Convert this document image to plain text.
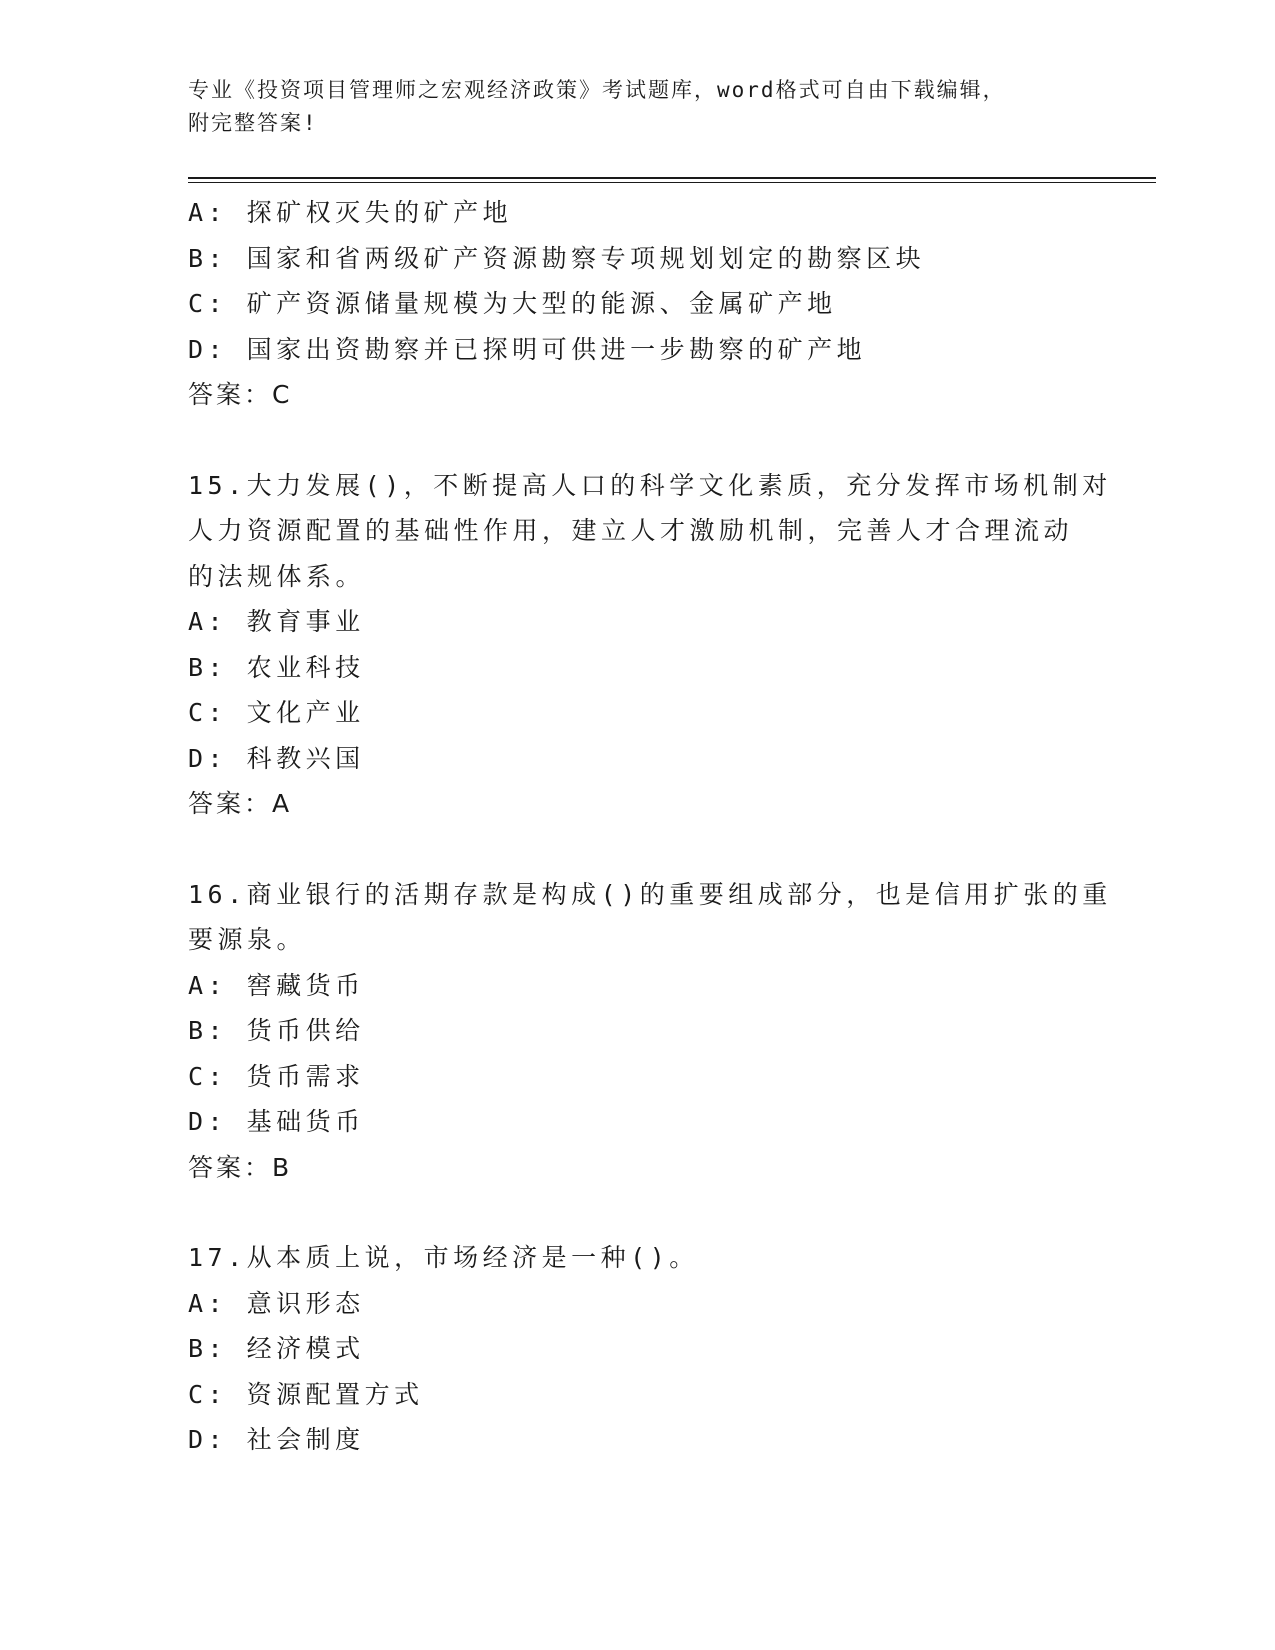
专业《投资项目管理师之宏观经济政策》考试题库，word格式可自由下载编辑，
附完整答案!
A: 探矿权灭失的矿产地
B: 国家和省两级矿产资源勘察专项规划划定的勘察区块
C: 矿产资源储量规模为大型的能源、金属矿产地
D: 国家出资勘察并已探明可供进一步勘察的矿产地
答案：C
15.大力发展()，不断提高人口的科学文化素质，充分发挥市场机制对
人力资源配置的基础性作用，建立人才激励机制，完善人才合理流动
的法规体系。
A: 教育事业
B: 农业科技
C: 文化产业
D: 科教兴国
答案：A
16.商业银行的活期存款是构成()的重要组成部分，也是信用扩张的重
要源泉。
A: 窖藏货币
B: 货币供给
C: 货币需求
D: 基础货币
答案：B
17.从本质上说，市场经济是一种()。
A: 意识形态
B: 经济模式
C: 资源配置方式
D: 社会制度
